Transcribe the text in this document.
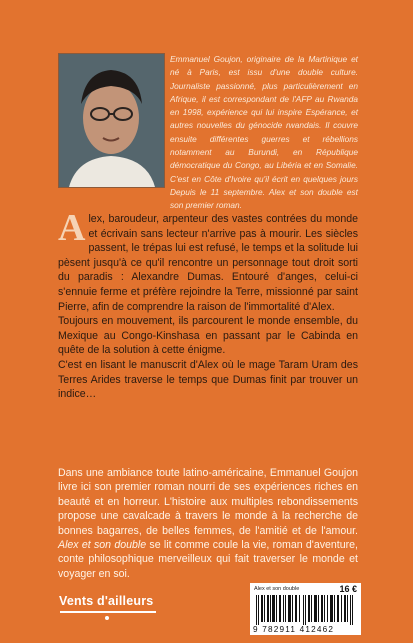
Emmanuel Goujon, originaire de la Martinique et né à Paris, est issu d'une double culture. Journaliste passionné, plus particulièrement en Afrique, il est correspondant de l'AFP au Rwanda en 1998, expérience qui lui inspire Espérance, et autres nouvelles du génocide rwandais. Il couvre ensuite différentes guerres et rébellions notamment au Burundi, en République démocratique du Congo, au Libéria et en Somalie. C'est en Côte d'Ivoire qu'il écrit en quelques jours Depuis le 11 septembre. Alex et son double est son premier roman.

Alex, baroudeur, arpenteur des vastes contrées du monde et écrivain sans lecteur n'arrive pas à mourir. Les siècles passent, le trépas lui est refusé, le temps et la solitude lui pèsent jusqu'à ce qu'il rencontre un personnage tout droit sorti du paradis : Alexandre Dumas. Entouré d'anges, celui-ci s'ennuie ferme et préfère rejoindre la Terre, missionné par saint Pierre, afin de comprendre la raison de l'immortalité d'Alex.

Toujours en mouvement, ils parcourent le monde ensemble, du Mexique au Congo-Kinshasa en passant par le Cabinda en quête de la solution à cette énigme.

C'est en lisant le manuscrit d'Alex où le mage Taram Uram des Terres Arides traverse le temps que Dumas finit par trouver un indice…

Dans une ambiance toute latino-américaine, Emmanuel Goujon livre ici son premier roman nourri de ses expériences riches en beauté et en horreur. L'histoire aux multiples rebondissements propose une cavalcade à travers le monde à la recherche de bonnes bagarres, de belles femmes, de l'amitié et de l'amour. Alex et son double se lit comme coule la vie, roman d'aventure, conte philosophique merveilleux qui fait traverser le monde et voyager en soi.

Vents d'ailleurs
Alex et son double	16 €
9 782911 412462
